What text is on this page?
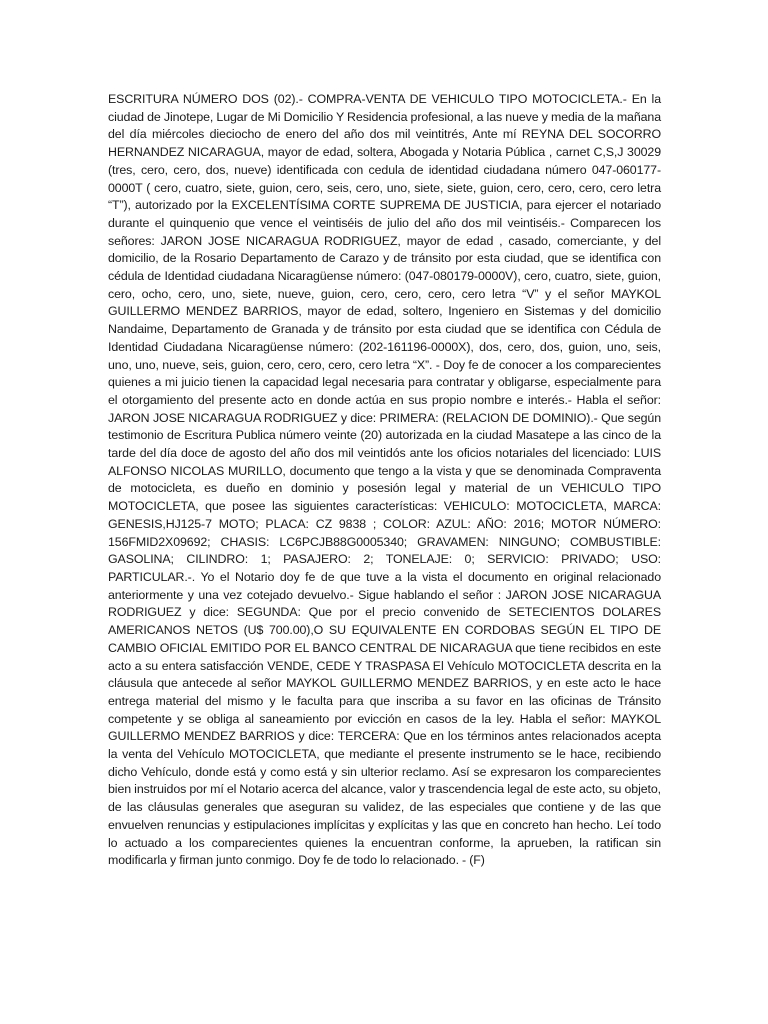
ESCRITURA NÚMERO DOS (02).- COMPRA-VENTA DE VEHICULO TIPO MOTOCICLETA.- En la ciudad de Jinotepe, Lugar de Mi Domicilio Y Residencia profesional, a las nueve y media de la mañana del día miércoles dieciocho de enero del año dos mil veintitrés, Ante mí REYNA DEL SOCORRO HERNANDEZ NICARAGUA, mayor de edad, soltera, Abogada y Notaria Pública , carnet C,S,J 30029 (tres, cero, cero, dos, nueve) identificada con cedula de identidad ciudadana número 047-060177-0000T ( cero, cuatro, siete, guion, cero, seis, cero, uno, siete, siete, guion, cero, cero, cero, cero letra “T”), autorizado por la EXCELENTÍSIMA CORTE SUPREMA DE JUSTICIA, para ejercer el notariado durante el quinquenio que vence el veintiséis de julio del año dos mil veintiséis.- Comparecen los señores: JARON JOSE NICARAGUA RODRIGUEZ, mayor de edad , casado, comerciante, y del domicilio, de la Rosario Departamento de Carazo y de tránsito por esta ciudad, que se identifica con cédula de Identidad ciudadana Nicaragüense número: (047-080179-0000V), cero, cuatro, siete, guion, cero, ocho, cero, uno, siete, nueve, guion, cero, cero, cero, cero letra “V” y el señor MAYKOL GUILLERMO MENDEZ BARRIOS, mayor de edad, soltero, Ingeniero en Sistemas y del domicilio Nandaime, Departamento de Granada y de tránsito por esta ciudad que se identifica con Cédula de Identidad Ciudadana Nicaragüense número: (202-161196-0000X), dos, cero, dos, guion, uno, seis, uno, uno, nueve, seis, guion, cero, cero, cero, cero letra “X”. - Doy fe de conocer a los comparecientes quienes a mi juicio tienen la capacidad legal necesaria para contratar y obligarse, especialmente para el otorgamiento del presente acto en donde actúa en sus propio nombre e interés.- Habla el señor: JARON JOSE NICARAGUA RODRIGUEZ y dice: PRIMERA: (RELACION DE DOMINIO).- Que según testimonio de Escritura Publica número veinte (20) autorizada en la ciudad Masatepe a las cinco de la tarde del día doce de agosto del año dos mil veintidós ante los oficios notariales del licenciado: LUIS ALFONSO NICOLAS MURILLO, documento que tengo a la vista y que se denominada Compraventa de motocicleta, es dueño en dominio y posesión legal y material de un VEHICULO TIPO MOTOCICLETA, que posee las siguientes características: VEHICULO: MOTOCICLETA, MARCA: GENESIS,HJ125-7 MOTO; PLACA: CZ 9838 ; COLOR: AZUL: AÑO: 2016; MOTOR NÚMERO: 156FMID2X09692; CHASIS: LC6PCJB88G0005340; GRAVAMEN: NINGUNO; COMBUSTIBLE: GASOLINA; CILINDRO: 1; PASAJERO: 2; TONELAJE: 0; SERVICIO: PRIVADO; USO: PARTICULAR.-. Yo el Notario doy fe de que tuve a la vista el documento en original relacionado anteriormente y una vez cotejado devuelvo.- Sigue hablando el señor : JARON JOSE NICARAGUA RODRIGUEZ y dice: SEGUNDA: Que por el precio convenido de SETECIENTOS DOLARES AMERICANOS NETOS (U$ 700.00),O SU EQUIVALENTE EN CORDOBAS SEGÚN EL TIPO DE CAMBIO OFICIAL EMITIDO POR EL BANCO CENTRAL DE NICARAGUA que tiene recibidos en este acto a su entera satisfacción VENDE, CEDE Y TRASPASA El Vehículo MOTOCICLETA descrita en la cláusula que antecede al señor MAYKOL GUILLERMO MENDEZ BARRIOS, y en este acto le hace entrega material del mismo y le faculta para que inscriba a su favor en las oficinas de Tránsito competente y se obliga al saneamiento por evicción en casos de la ley. Habla el señor: MAYKOL GUILLERMO MENDEZ BARRIOS y dice: TERCERA: Que en los términos antes relacionados acepta la venta del Vehículo MOTOCICLETA, que mediante el presente instrumento se le hace, recibiendo dicho Vehículo, donde está y como está y sin ulterior reclamo. Así se expresaron los comparecientes bien instruidos por mí el Notario acerca del alcance, valor y trascendencia legal de este acto, su objeto, de las cláusulas generales que aseguran su validez, de las especiales que contiene y de las que envuelven renuncias y estipulaciones implícitas y explícitas y las que en concreto han hecho. Leí todo lo actuado a los comparecientes quienes la encuentran conforme, la aprueben, la ratifican sin modificarla y firman junto conmigo. Doy fe de todo lo relacionado. - (F)
